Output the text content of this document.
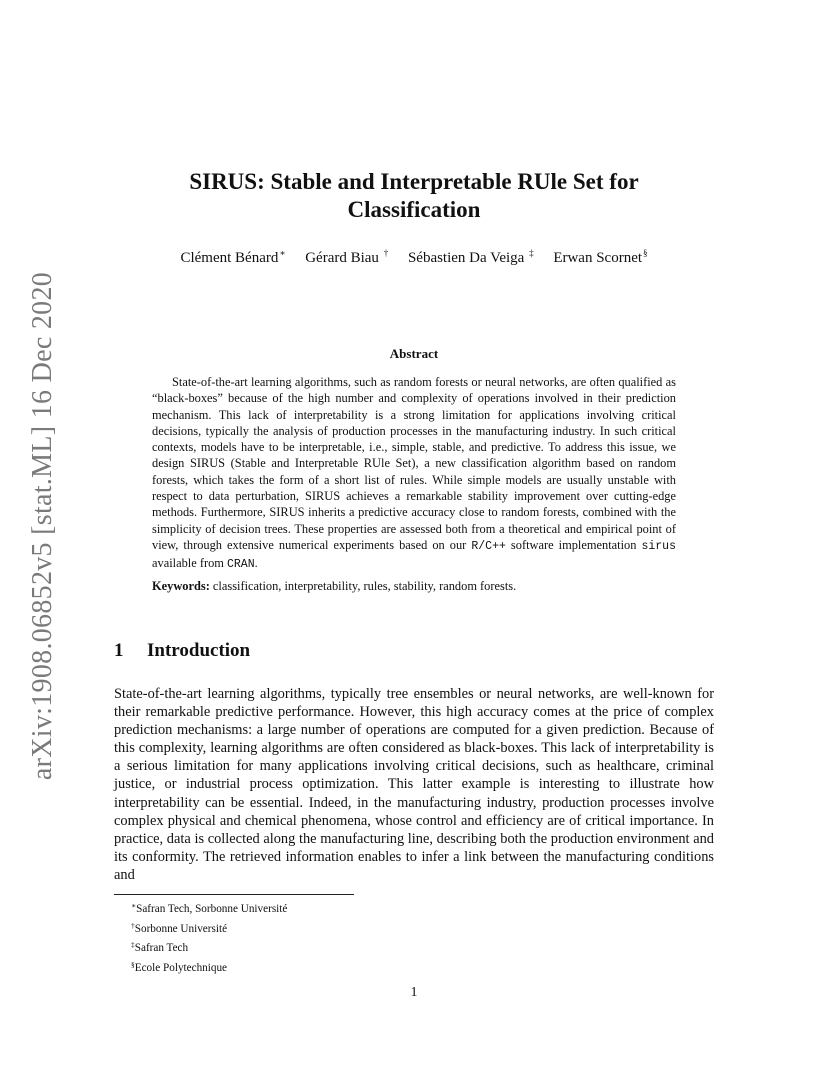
arXiv:1908.06852v5 [stat.ML] 16 Dec 2020
SIRUS: Stable and Interpretable RUle Set for
Classification
Clément Bénard∗ Gérard Biau † Sébastien Da Veiga ‡ Erwan Scornet§
Abstract

State-of-the-art learning algorithms, such as random forests or neural networks, are often qualified as “black-boxes” because of the high number and complexity of operations involved in their prediction mechanism. This lack of interpretability is a strong limitation for applications involving critical decisions, typically the analysis of production processes in the manufacturing industry. In such critical contexts, models have to be interpretable, i.e., simple, stable, and predictive. To address this issue, we design SIRUS (Stable and Interpretable RUle Set), a new classification algorithm based on random forests, which takes the form of a short list of rules. While simple models are usually unstable with respect to data perturbation, SIRUS achieves a remarkable stability improvement over cutting-edge methods. Furthermore, SIRUS inherits a predictive accuracy close to random forests, combined with the simplicity of decision trees. These properties are assessed both from a theoretical and empirical point of view, through extensive numerical experiments based on our R/C++ software implementation sirus available from CRAN.

Keywords: classification, interpretability, rules, stability, random forests.

1 Introduction

State-of-the-art learning algorithms, typically tree ensembles or neural networks, are well-known for their remarkable predictive performance. However, this high accuracy comes at the price of complex prediction mechanisms: a large number of operations are computed for a given prediction. Because of this complexity, learning algorithms are often considered as black-boxes. This lack of interpretability is a serious limitation for many applications involving critical decisions, such as healthcare, criminal justice, or industrial process optimization. This latter example is interesting to illustrate how interpretability can be essential. Indeed, in the manufacturing industry, production processes involve complex physical and chemical phenomena, whose control and efficiency are of critical importance. In practice, data is collected along the manufacturing line, describing both the production environment and its conformity. The retrieved information enables to infer a link between the manufacturing conditions and

∗Safran Tech, Sorbonne Université
†Sorbonne Université
‡Safran Tech
§Ecole Polytechnique
1
